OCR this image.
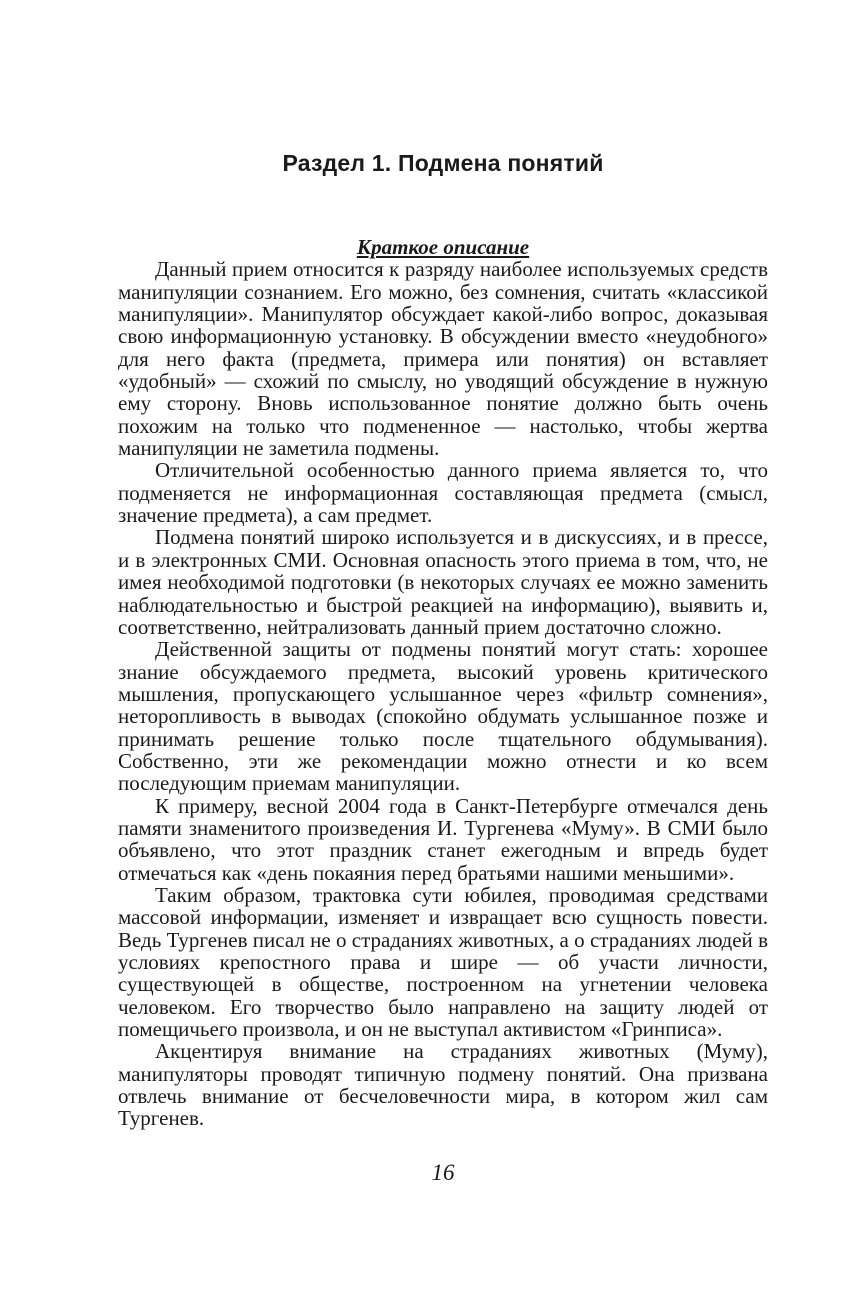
Раздел 1. Подмена понятий

Краткое описание

Данный прием относится к разряду наиболее используемых средств манипуляции сознанием. Его можно, без сомнения, считать «классикой манипуляции». Манипулятор обсуждает какой-либо вопрос, доказывая свою информационную установку. В обсуждении вместо «неудобного» для него факта (предмета, примера или понятия) он вставляет «удобный» — схожий по смыслу, но уводящий обсуждение в нужную ему сторону. Вновь использованное понятие должно быть очень похожим на только что подмененное — настолько, чтобы жертва манипуляции не заметила подмены.

Отличительной особенностью данного приема является то, что подменяется не информационная составляющая предмета (смысл, значение предмета), а сам предмет.

Подмена понятий широко используется и в дискуссиях, и в прессе, и в электронных СМИ. Основная опасность этого приема в том, что, не имея необходимой подготовки (в некоторых случаях ее можно заменить наблюдательностью и быстрой реакцией на информацию), выявить и, соответственно, нейтрализовать данный прием достаточно сложно.

Действенной защиты от подмены понятий могут стать: хорошее знание обсуждаемого предмета, высокий уровень критического мышления, пропускающего услышанное через «фильтр сомнения», неторопливость в выводах (спокойно обдумать услышанное позже и принимать решение только после тщательного обдумывания). Собственно, эти же рекомендации можно отнести и ко всем последующим приемам манипуляции.

К примеру, весной 2004 года в Санкт-Петербурге отмечался день памяти знаменитого произведения И. Тургенева «Муму». В СМИ было объявлено, что этот праздник станет ежегодным и впредь будет отмечаться как «день покаяния перед братьями нашими меньшими».

Таким образом, трактовка сути юбилея, проводимая средствами массовой информации, изменяет и извращает всю сущность повести. Ведь Тургенев писал не о страданиях животных, а о страданиях людей в условиях крепостного права и шире — об участи личности, существующей в обществе, построенном на угнетении человека человеком. Его творчество было направлено на защиту людей от помещичьего произвола, и он не выступал активистом «Гринписа».

Акцентируя внимание на страданиях животных (Муму), манипуляторы проводят типичную подмену понятий. Она призвана отвлечь внимание от бесчеловечности мира, в котором жил сам Тургенев.

16
